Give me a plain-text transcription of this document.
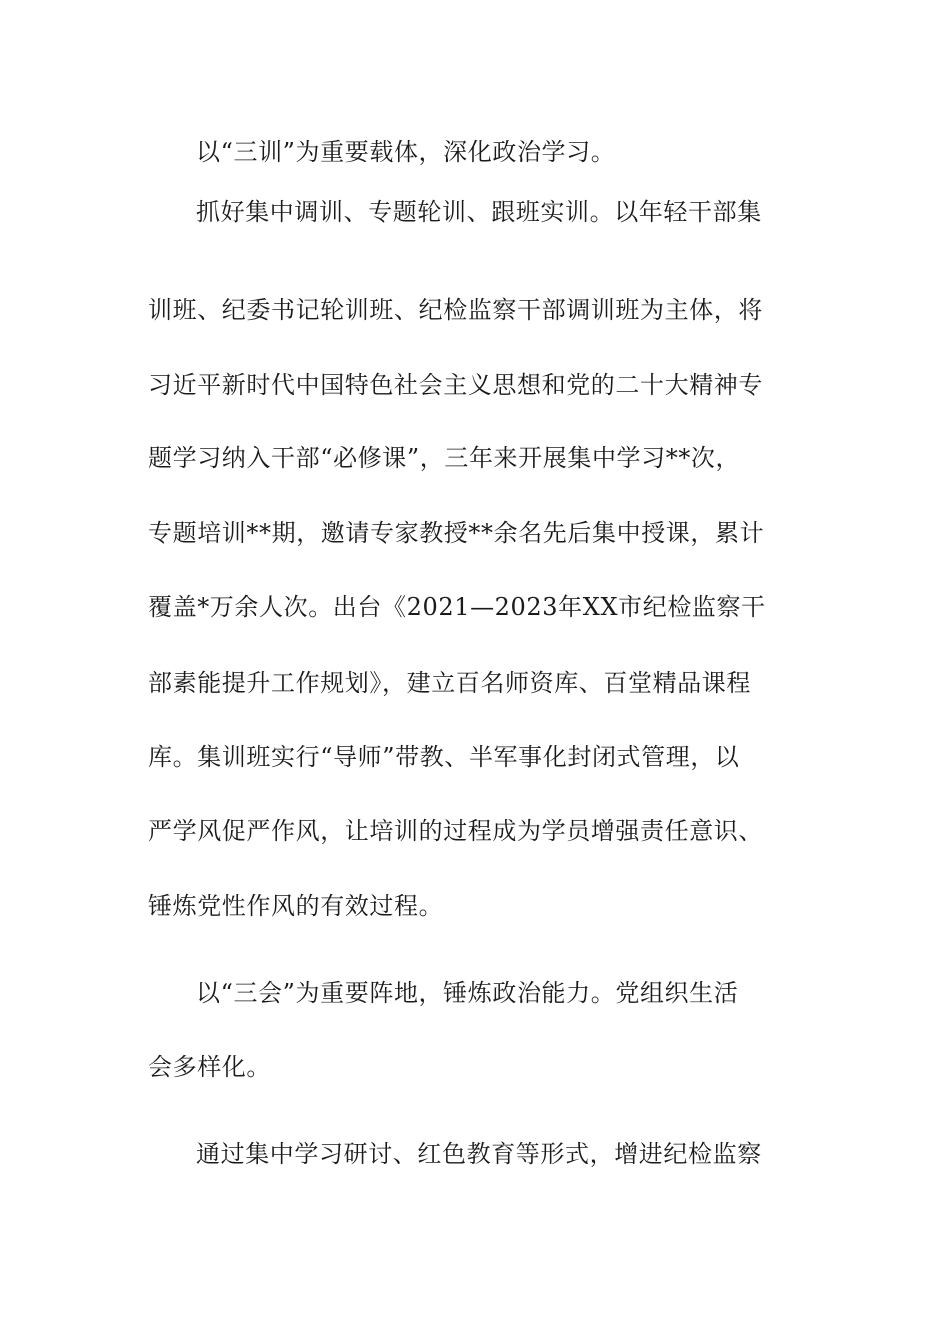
以“三训”为重要载体，深化政治学习。
抓好集中调训、专题轮训、跟班实训。以年轻干部集
训班、纪委书记轮训班、纪检监察干部调训班为主体，将
习近平新时代中国特色社会主义思想和党的二十大精神专
题学习纳入干部“必修课”，三年来开展集中学习**次，
专题培训**期，邀请专家教授**余名先后集中授课，累计
覆盖*万余人次。出台《2021—2023年XX市纪检监察干
部素能提升工作规划》，建立百名师资库、百堂精品课程
库。集训班实行“导师”带教、半军事化封闭式管理，以
严学风促严作风，让培训的过程成为学员增强责任意识、
锤炼党性作风的有效过程。
以“三会”为重要阵地，锤炼政治能力。党组织生活
会多样化。
通过集中学习研讨、红色教育等形式，增进纪检监察
